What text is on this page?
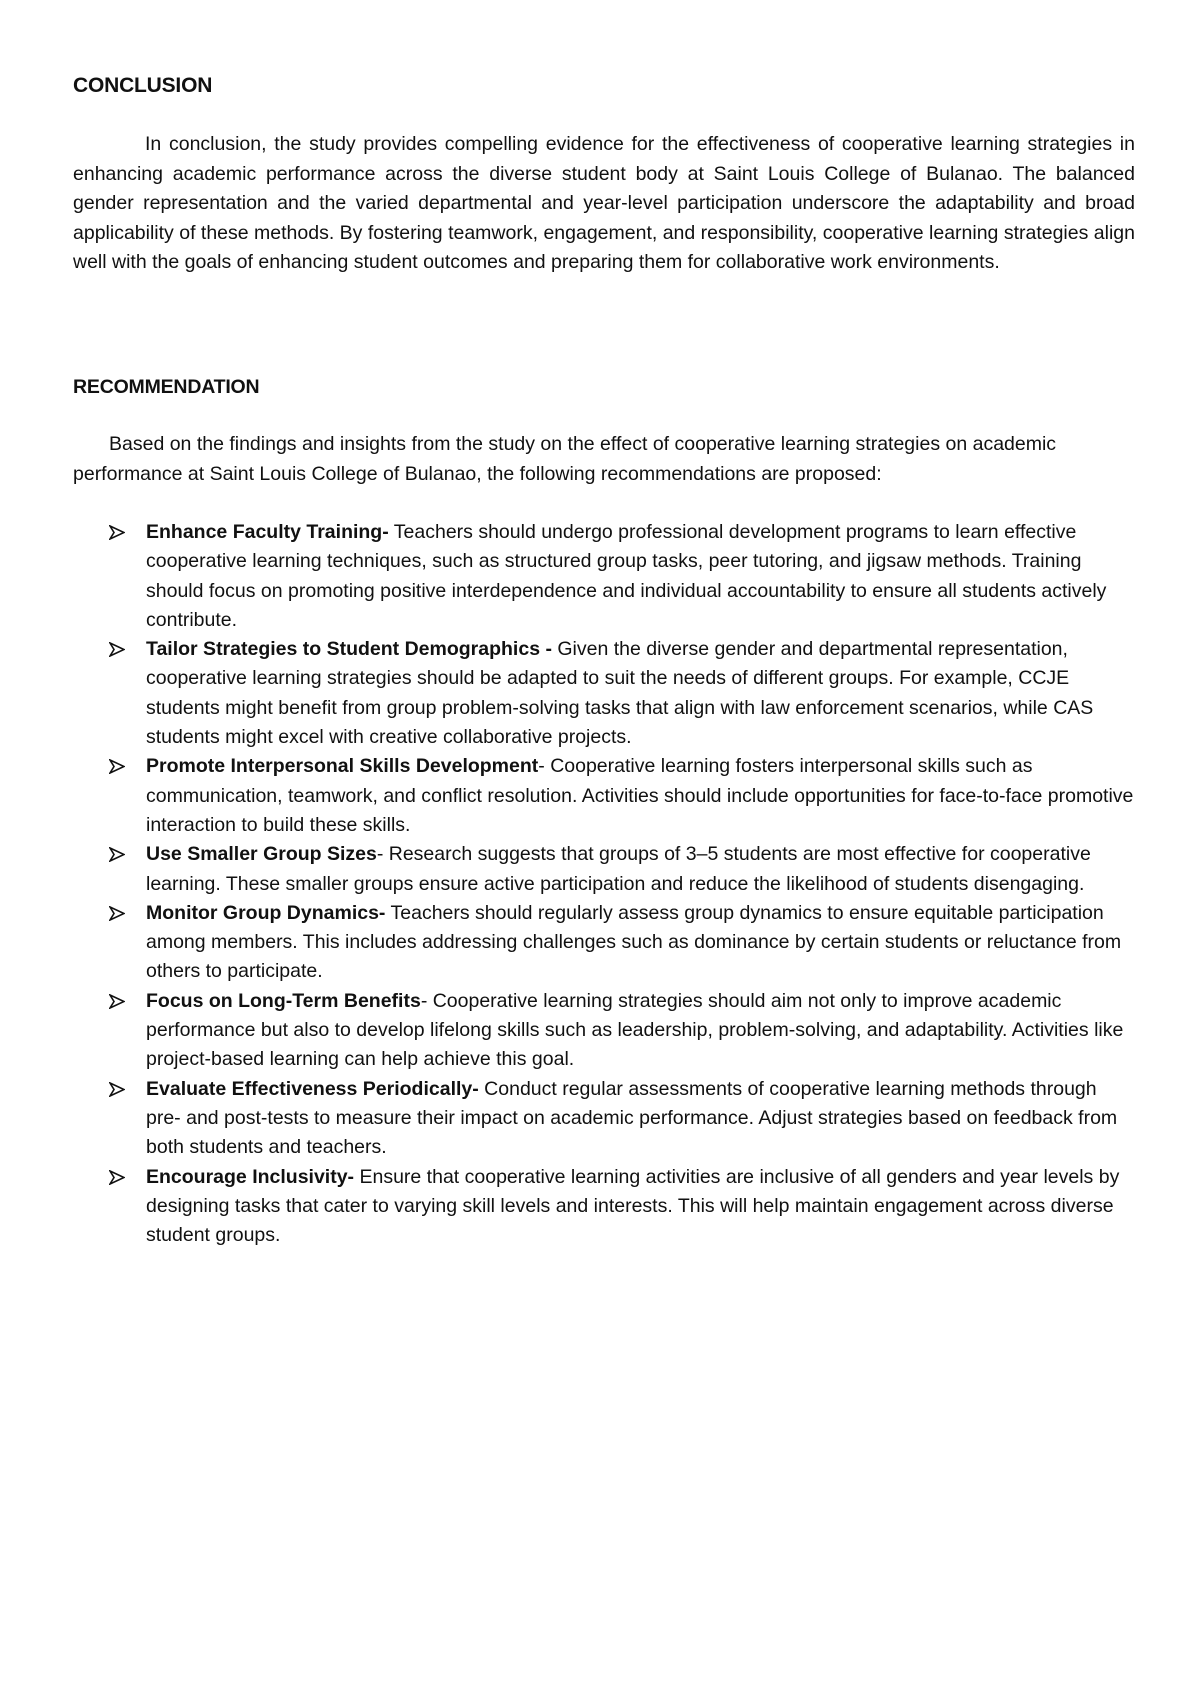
CONCLUSION

In conclusion, the study provides compelling evidence for the effectiveness of cooperative learning strategies in enhancing academic performance across the diverse student body at Saint Louis College of Bulanao. The balanced gender representation and the varied departmental and year-level participation underscore the adaptability and broad applicability of these methods. By fostering teamwork, engagement, and responsibility, cooperative learning strategies align well with the goals of enhancing student outcomes and preparing them for collaborative work environments.

RECOMMENDATION

Based on the findings and insights from the study on the effect of cooperative learning strategies on academic performance at Saint Louis College of Bulanao, the following recommendations are proposed:

Enhance Faculty Training- Teachers should undergo professional development programs to learn effective cooperative learning techniques, such as structured group tasks, peer tutoring, and jigsaw methods. Training should focus on promoting positive interdependence and individual accountability to ensure all students actively contribute.
Tailor Strategies to Student Demographics - Given the diverse gender and departmental representation, cooperative learning strategies should be adapted to suit the needs of different groups. For example, CCJE students might benefit from group problem-solving tasks that align with law enforcement scenarios, while CAS students might excel with creative collaborative projects.
Promote Interpersonal Skills Development- Cooperative learning fosters interpersonal skills such as communication, teamwork, and conflict resolution. Activities should include opportunities for face-to-face promotive interaction to build these skills.
Use Smaller Group Sizes- Research suggests that groups of 3–5 students are most effective for cooperative learning. These smaller groups ensure active participation and reduce the likelihood of students disengaging.
Monitor Group Dynamics- Teachers should regularly assess group dynamics to ensure equitable participation among members. This includes addressing challenges such as dominance by certain students or reluctance from others to participate.
Focus on Long-Term Benefits- Cooperative learning strategies should aim not only to improve academic performance but also to develop lifelong skills such as leadership, problem-solving, and adaptability. Activities like project-based learning can help achieve this goal.
Evaluate Effectiveness Periodically- Conduct regular assessments of cooperative learning methods through pre- and post-tests to measure their impact on academic performance. Adjust strategies based on feedback from both students and teachers.
Encourage Inclusivity- Ensure that cooperative learning activities are inclusive of all genders and year levels by designing tasks that cater to varying skill levels and interests. This will help maintain engagement across diverse student groups.
